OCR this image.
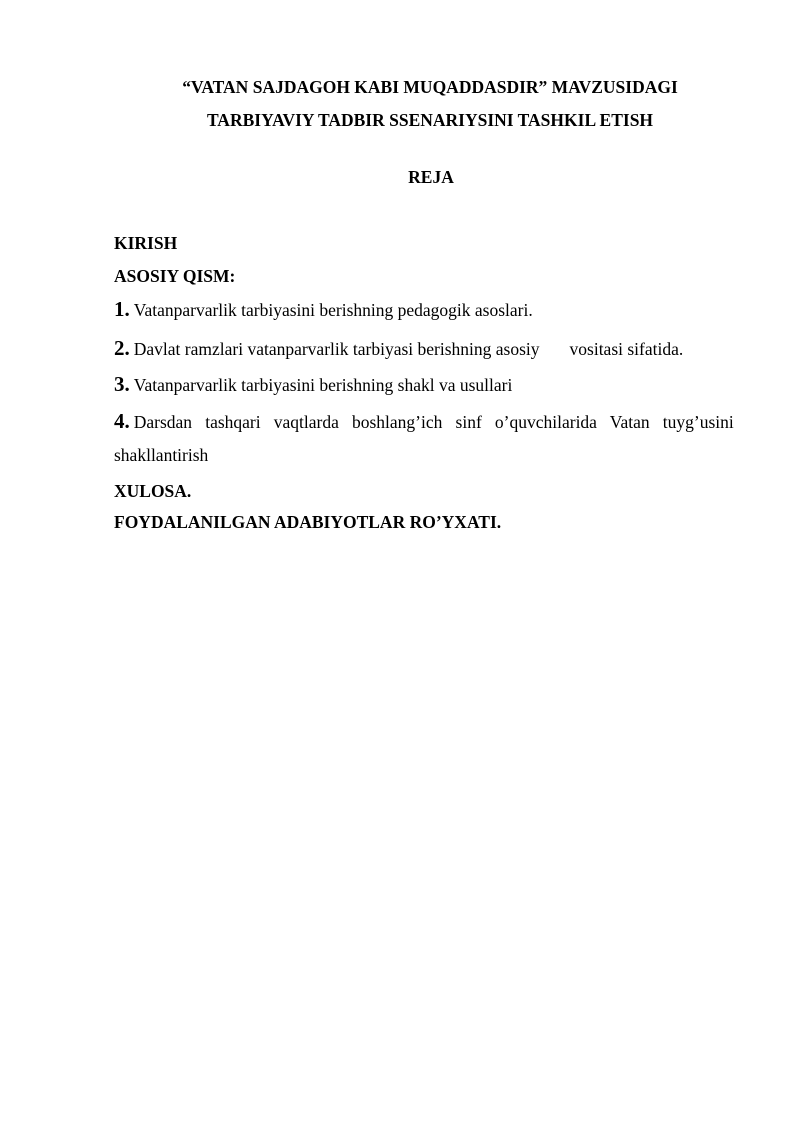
“VATAN SAJDAGOH KABI MUQADDASDIR” MAVZUSIDAGI
TARBIYAVIY TADBIR SSENARIYSINI TASHKIL ETISH
REJA
KIRISH
ASOSIY QISM:
1. Vatanparvarlik tarbiyasini berishning pedagogik asoslari.
2. Davlat ramzlari vatanparvarlik tarbiyasi berishning asosiy vositasi sifatida.
3. Vatanparvarlik tarbiyasini berishning shakl va usullari
4. Darsdan tashqari vaqtlarda boshlang’ich sinf o’quvchilarida Vatan tuyg’usini
shakllantirish
XULOSA.
FOYDALANILGAN ADABIYOTLAR RO’YXATI.
